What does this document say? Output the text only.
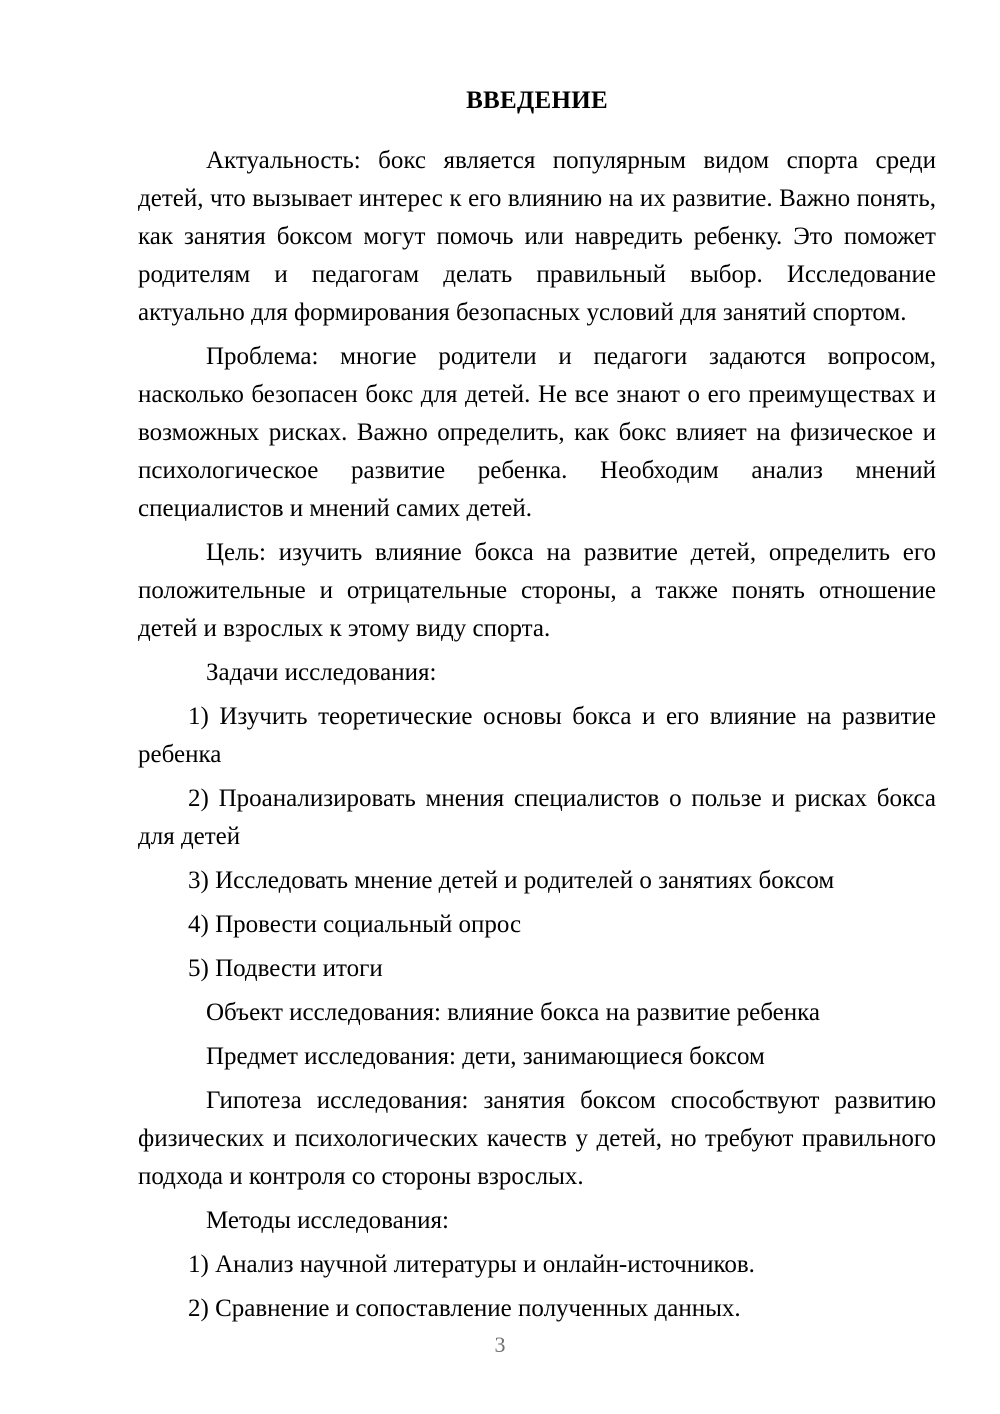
ВВЕДЕНИЕ

Актуальность: бокс является популярным видом спорта среди детей, что вызывает интерес к его влиянию на их развитие. Важно понять, как занятия боксом могут помочь или навредить ребенку. Это поможет родителям и педагогам делать правильный выбор. Исследование актуально для формирования безопасных условий для занятий спортом.

Проблема: многие родители и педагоги задаются вопросом, насколько безопасен бокс для детей. Не все знают о его преимуществах и возможных рисках. Важно определить, как бокс влияет на физическое и психологическое развитие ребенка. Необходим анализ мнений специалистов и мнений самих детей.

Цель: изучить влияние бокса на развитие детей, определить его положительные и отрицательные стороны, а также понять отношение детей и взрослых к этому виду спорта.

Задачи исследования:

1) Изучить теоретические основы бокса и его влияние на развитие ребенка

2) Проанализировать мнения специалистов о пользе и рисках бокса для детей

3) Исследовать мнение детей и родителей о занятиях боксом

4) Провести социальный опрос

5) Подвести итоги

Объект исследования: влияние бокса на развитие ребенка

Предмет исследования: дети, занимающиеся боксом

Гипотеза исследования: занятия боксом способствуют развитию физических и психологических качеств у детей, но требуют правильного подхода и контроля со стороны взрослых.

Методы исследования:

1) Анализ научной литературы и онлайн-источников.

2) Сравнение и сопоставление полученных данных.

3
